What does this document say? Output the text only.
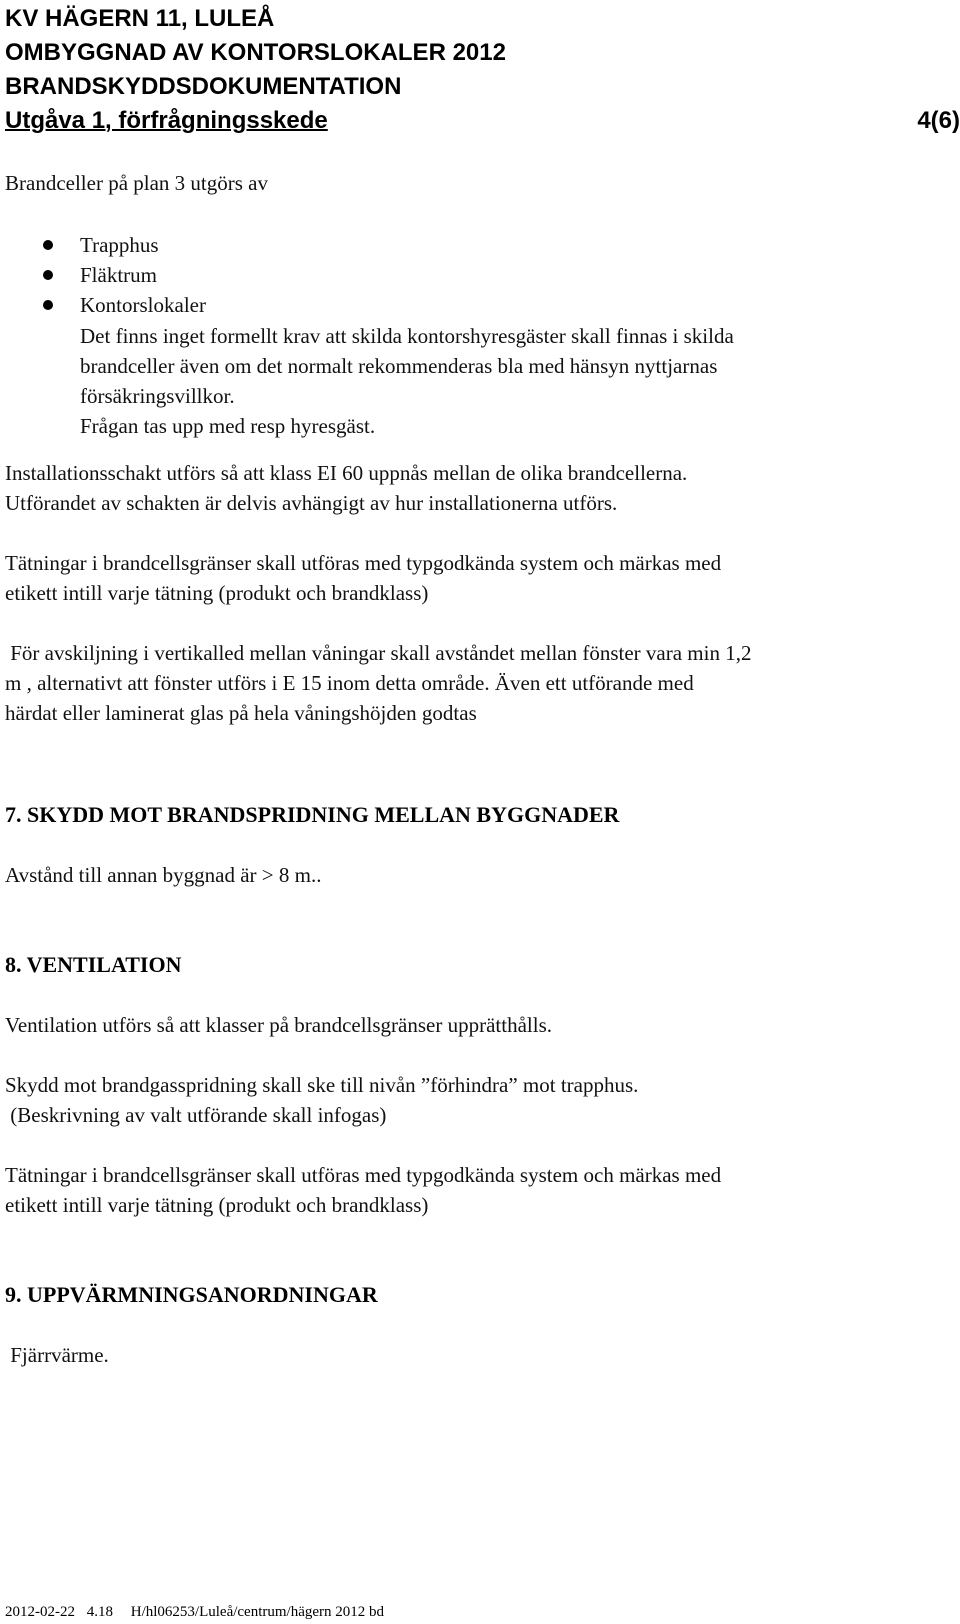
KV HÄGERN 11, LULEÅ
OMBYGGNAD AV KONTORSLOKALER 2012
BRANDSKYDDSDOKUMENTATION
Utgåva 1, förfrågningsskede	4(6)
Brandceller på plan 3 utgörs av
Trapphus
Fläktrum
Kontorslokaler
Det finns inget formellt krav att skilda kontorshyresgäster skall finnas i skilda
brandceller även om det normalt rekommenderas bla med hänsyn nyttjarnas
försäkringsvillkor.
Frågan tas upp med resp hyresgäst.
Installationsschakt utförs så att klass EI 60 uppnås mellan de olika brandcellerna.
Utförandet av schakten är delvis avhängigt av hur installationerna utförs.
Tätningar i brandcellsgränser skall utföras med typgodkända system och märkas med
etikett intill varje tätning (produkt och brandklass)
För avskiljning i vertikalled mellan våningar skall avståndet mellan fönster vara min 1,2
m , alternativt att fönster utförs i E 15 inom detta område. Även ett utförande med
härdat eller laminerat glas på hela våningshöjden godtas
7. SKYDD MOT BRANDSPRIDNING MELLAN BYGGNADER
Avstånd till annan byggnad är > 8 m..
8. VENTILATION
Ventilation utförs så att klasser på brandcellsgränser upprätthålls.
Skydd mot brandgasspridning skall ske till nivån ”förhindra” mot trapphus.
(Beskrivning av valt utförande skall infogas)
Tätningar i brandcellsgränser skall utföras med typgodkända system och märkas med
etikett intill varje tätning (produkt och brandklass)
9. UPPVÄRMNINGSANORDNINGAR
Fjärrvärme.
2012-02-22 4.18 H/hl06253/Luleå/centrum/hägern 2012 bd
